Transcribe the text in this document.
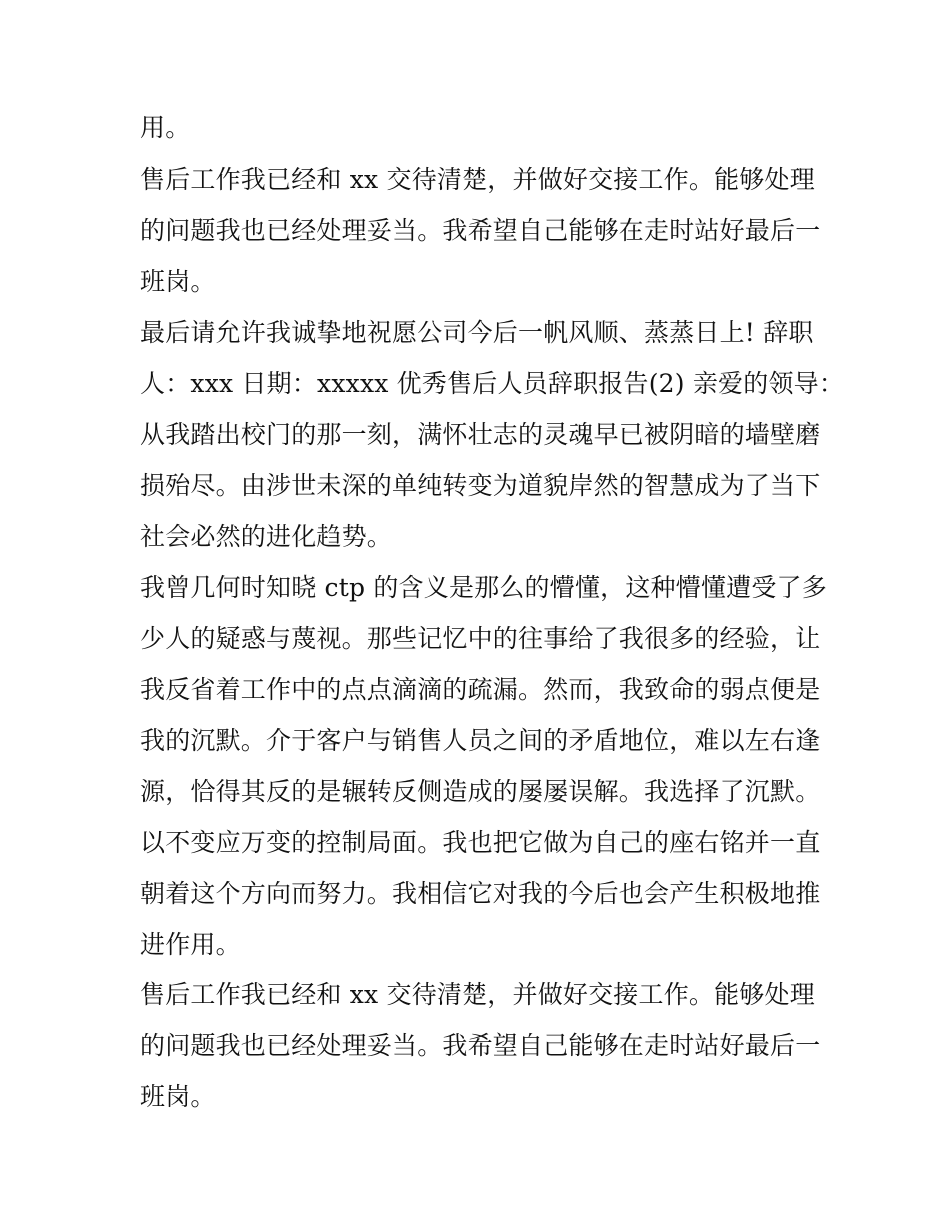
用。
售后工作我已经和 xx 交待清楚，并做好交接工作。能够处理
的问题我也已经处理妥当。我希望自己能够在走时站好最后一
班岗。
最后请允许我诚挚地祝愿公司今后一帆风顺、蒸蒸日上! 辞职
人：xxx 日期：xxxxx 优秀售后人员辞职报告(2) 亲爱的领导：
从我踏出校门的那一刻，满怀壮志的灵魂早已被阴暗的墙壁磨
损殆尽。由涉世未深的单纯转变为道貌岸然的智慧成为了当下
社会必然的进化趋势。
我曾几何时知晓 ctp 的含义是那么的懵懂，这种懵懂遭受了多
少人的疑惑与蔑视。那些记忆中的往事给了我很多的经验，让
我反省着工作中的点点滴滴的疏漏。然而，我致命的弱点便是
我的沉默。介于客户与销售人员之间的矛盾地位，难以左右逢
源，恰得其反的是辗转反侧造成的屡屡误解。我选择了沉默。
以不变应万变的控制局面。我也把它做为自己的座右铭并一直
朝着这个方向而努力。我相信它对我的今后也会产生积极地推
进作用。
售后工作我已经和 xx 交待清楚，并做好交接工作。能够处理
的问题我也已经处理妥当。我希望自己能够在走时站好最后一
班岗。
